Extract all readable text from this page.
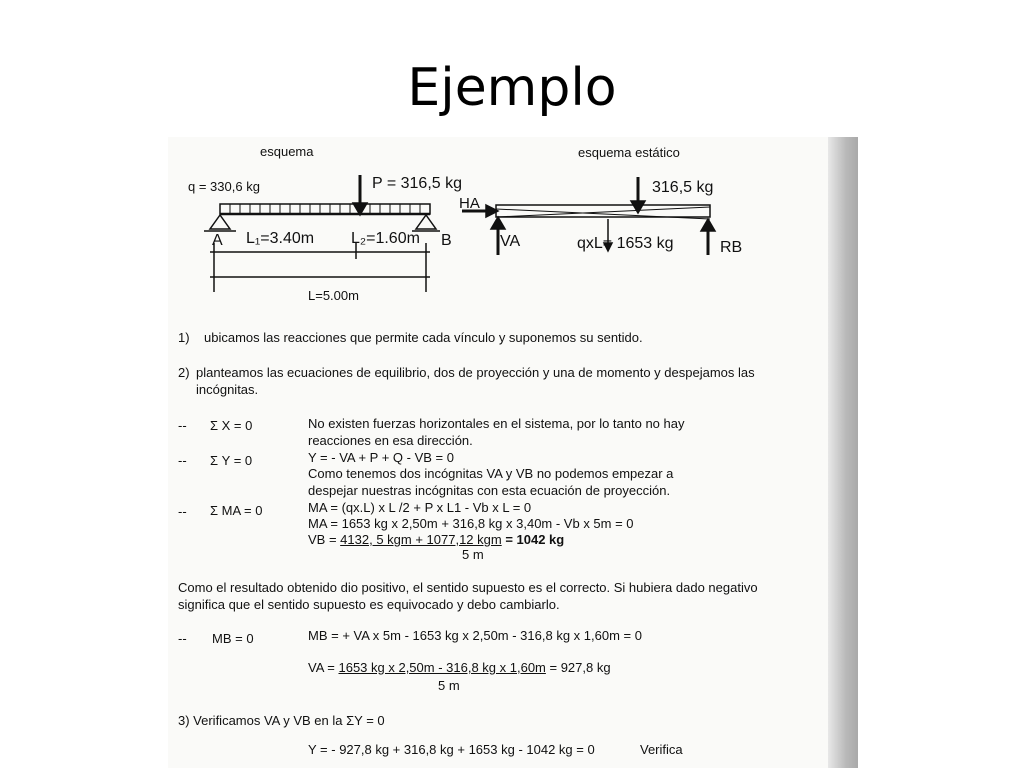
Ejemplo
esquema
q = 330,6 kg	P = 316,5 kg
A L₁=3.40m L₂=1.60m B
L=5.00m
esquema estático
316,5 kg
HA
VA	qxL= 1653 kg	RB
1) ubicamos las reacciones que permite cada vínculo y suponemos su sentido.
2) planteamos las ecuaciones de equilibrio, dos de proyección y una de momento y despejamos las
incógnitas.
-- Σ X = 0	No existen fuerzas horizontales en el sistema, por lo tanto no hay
reacciones en esa dirección.
-- Σ Y = 0	Y = - VA + P + Q - VB = 0
Como tenemos dos incógnitas VA y VB no podemos empezar a
despejar nuestras incógnitas con esta ecuación de proyección.
-- Σ MA = 0	MA = (qx.L) x L /2 + P x L1 - Vb x L = 0
MA = 1653 kg x 2,50m + 316,8 kg x 3,40m - Vb x 5m = 0
VB = 4132, 5 kgm + 1077,12 kgm = 1042 kg
5 m
Como el resultado obtenido dio positivo, el sentido supuesto es el correcto. Si hubiera dado negativo
significa que el sentido supuesto es equivocado y debo cambiarlo.
-- MB = 0	MB = + VA x 5m - 1653 kg x 2,50m - 316,8 kg x 1,60m = 0
VA = 1653 kg x 2,50m - 316,8 kg x 1,60m = 927,8 kg
5 m
3) Verificamos VA y VB en la ΣY = 0
Y = - 927,8 kg + 316,8 kg + 1653 kg - 1042 kg = 0	Verifica
